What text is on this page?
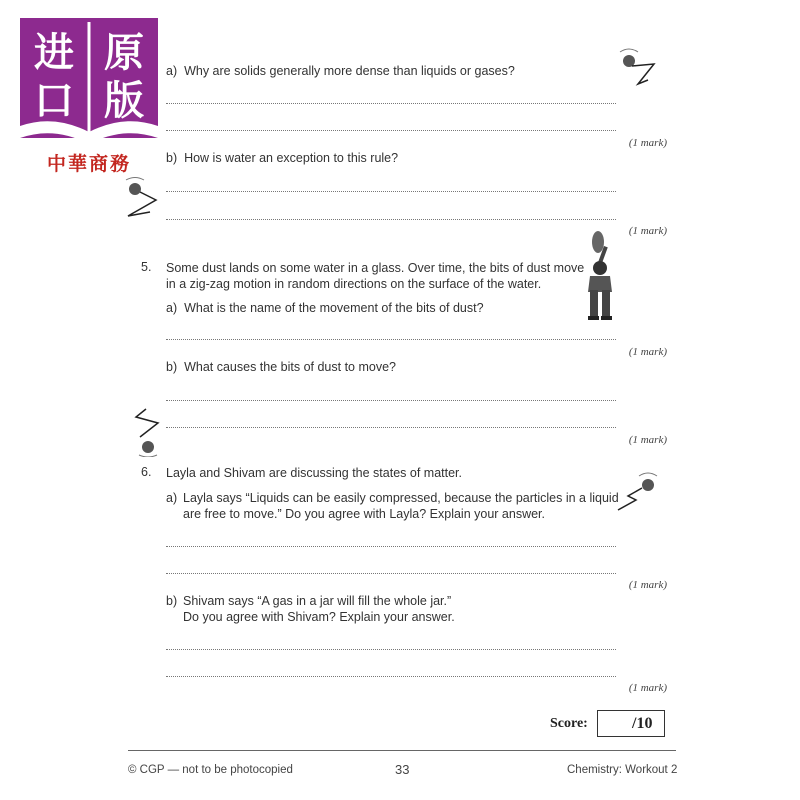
进 原
口 版
中華商務
a) Why are solids generally more dense than liquids or gases?
(1 mark)
b) How is water an exception to this rule?
(1 mark)
5. Some dust lands on some water in a glass. Over time, the bits of dust move
in a zig-zag motion in random directions on the surface of the water.
a) What is the name of the movement of the bits of dust?
(1 mark)
b) What causes the bits of dust to move?
(1 mark)
6. Layla and Shivam are discussing the states of matter.
a) Layla says “Liquids can be easily compressed, because the particles in a liquid
are free to move.” Do you agree with Layla? Explain your answer.
(1 mark)
b) Shivam says “A gas in a jar will fill the whole jar.”
Do you agree with Shivam? Explain your answer.
(1 mark)
Score:	/10
© CGP — not to be photocopied	33	Chemistry: Workout 2
